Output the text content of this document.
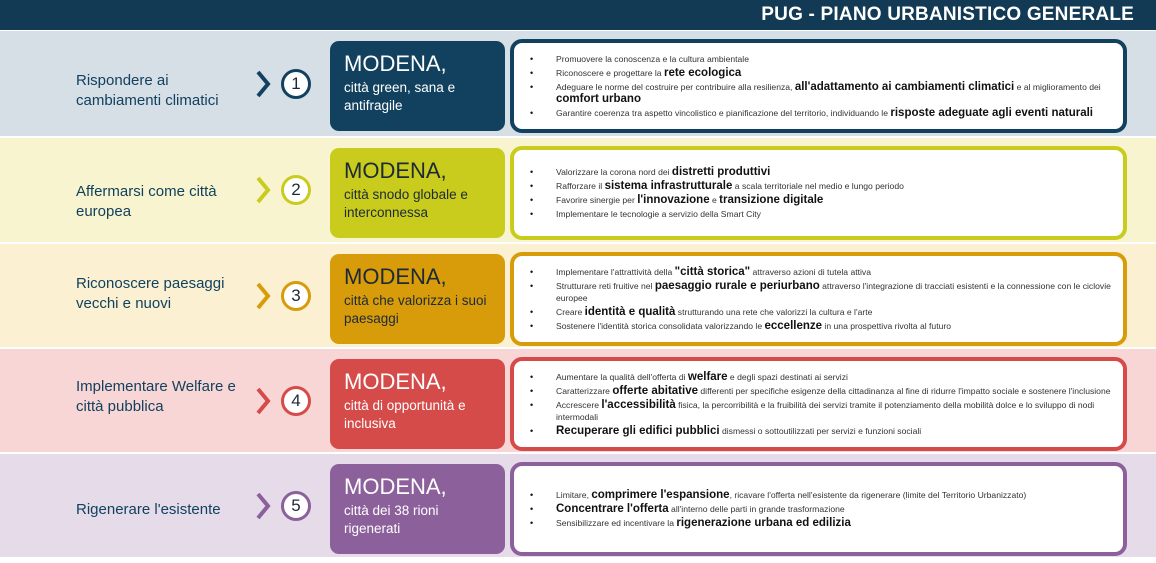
PUG - PIANO URBANISTICO GENERALE
Rispondere ai cambiamenti climatici
1
MODENA,
città green, sana e antifragile
• Promuovere la conoscenza e la cultura ambientale
• Riconoscere e progettare la rete ecologica
• Adeguare le norme del costruire per contribuire alla resilienza, all'adattamento ai cambiamenti climatici e al miglioramento dei comfort urbano
• Garantire coerenza tra aspetto vincolistico e pianificazione del territorio, individuando le risposte adeguate agli eventi naturali
Affermarsi come città europea
2
MODENA,
città snodo globale e interconnessa
• Valorizzare la corona nord dei distretti produttivi
• Rafforzare il sistema infrastrutturale a scala territoriale nel medio e lungo periodo
• Favorire sinergie per l'innovazione e transizione digitale
• Implementare le tecnologie a servizio della Smart City
Riconoscere paesaggi vecchi e nuovi	3
MODENA,
città che valorizza i suoi paesaggi
• Implementare l'attrattività della "città storica" attraverso azioni di tutela attiva
• Strutturare reti fruitive nel paesaggio rurale e periurbano attraverso l'integrazione di tracciati esistenti e la connessione con le ciclovie europee
• Creare identità e qualità strutturando una rete che valorizzi la cultura e l'arte
• Sostenere l'identità storica consolidata valorizzando le eccellenze in una prospettiva rivolta al futuro
Implementare Welfare e città pubblica	4
MODENA,
città di opportunità e inclusiva
• Aumentare la qualità dell'offerta di welfare e degli spazi destinati ai servizi
• Caratterizzare offerte abitative differenti per specifiche esigenze della cittadinanza al fine di ridurre l'impatto sociale e sostenere l'inclusione
• Accrescere l'accessibilità fisica, la percorribilità e la fruibilità dei servizi tramite il potenziamento della mobilità dolce e lo sviluppo di nodi intermodali
• Recuperare gli edifici pubblici dismessi o sottoutilizzati per servizi e funzioni sociali
Rigenerare l'esistente	5
MODENA,
città dei 38 rioni rigenerati
• Limitare, comprimere l'espansione, ricavare l'offerta nell'esistente da rigenerare (limite del Territorio Urbanizzato)
• Concentrare l'offerta all'interno delle parti in grande trasformazione
• Sensibilizzare ed incentivare la rigenerazione urbana ed edilizia
